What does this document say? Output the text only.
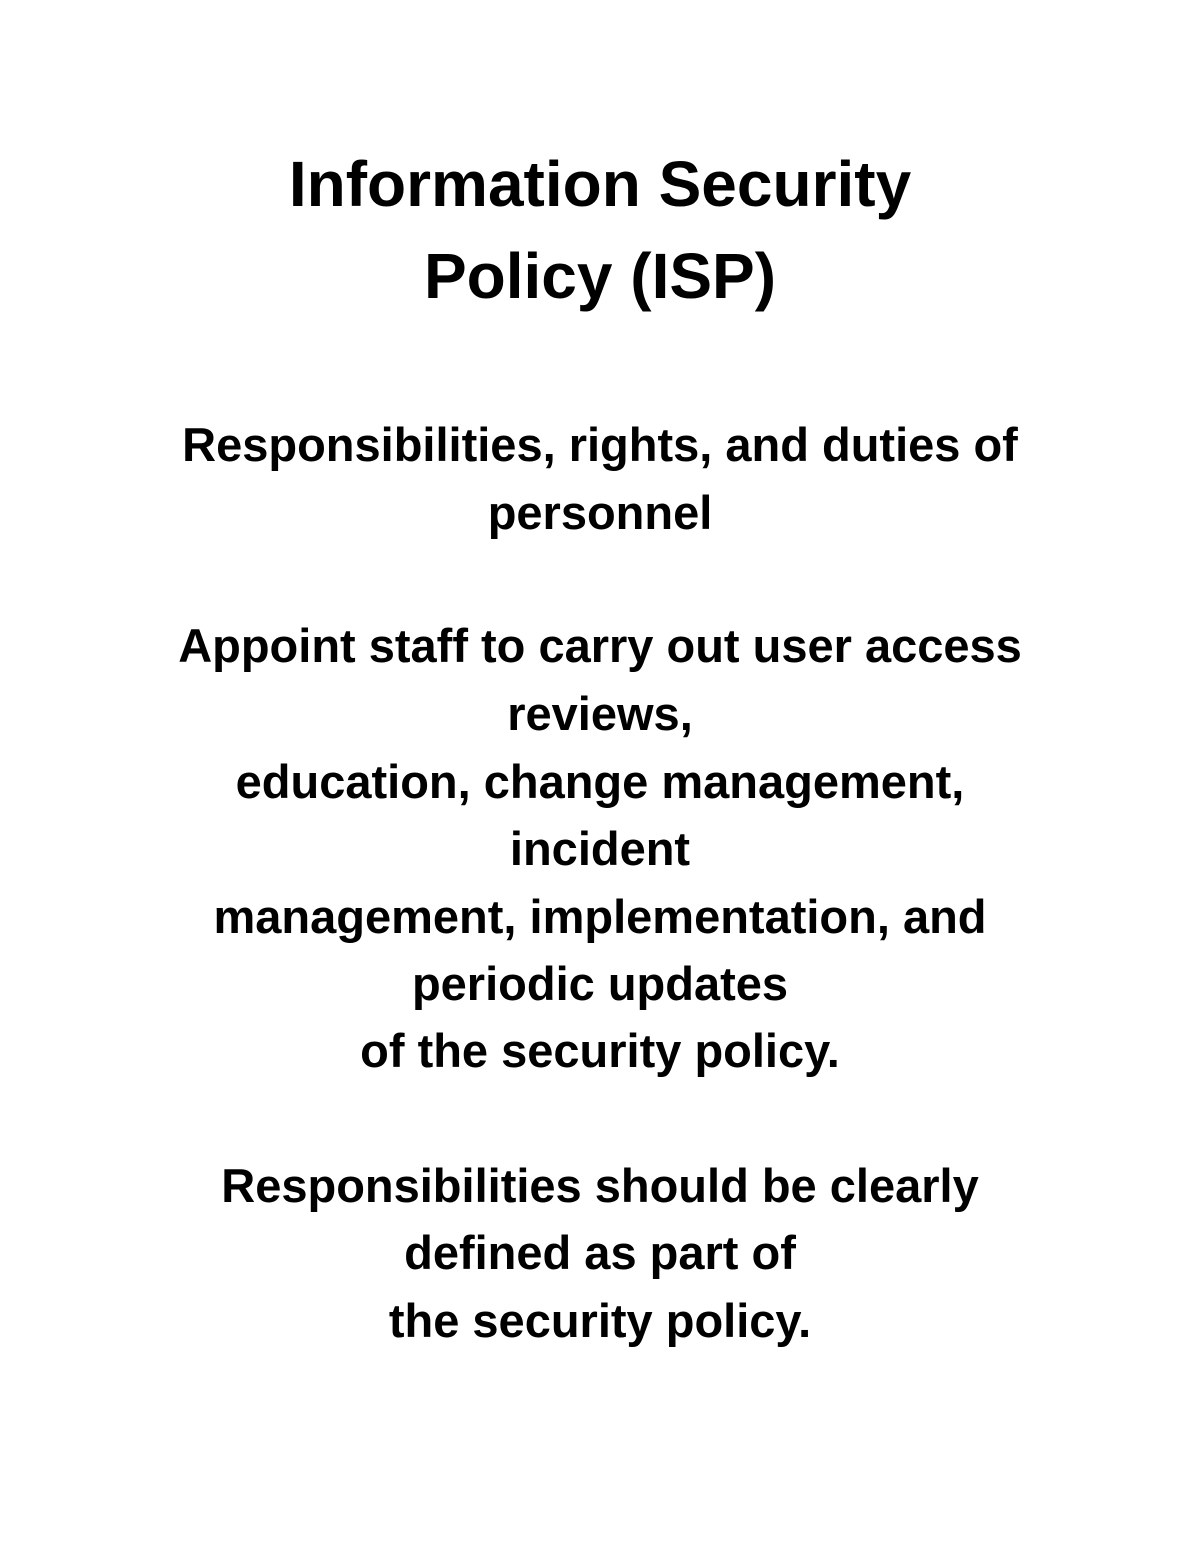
Information Security
Policy (ISP)
Responsibilities, rights, and duties of
personnel
Appoint staff to carry out user access
reviews,
education, change management,
incident
management, implementation, and
periodic updates
of the security policy.
Responsibilities should be clearly
defined as part of
the security policy.
